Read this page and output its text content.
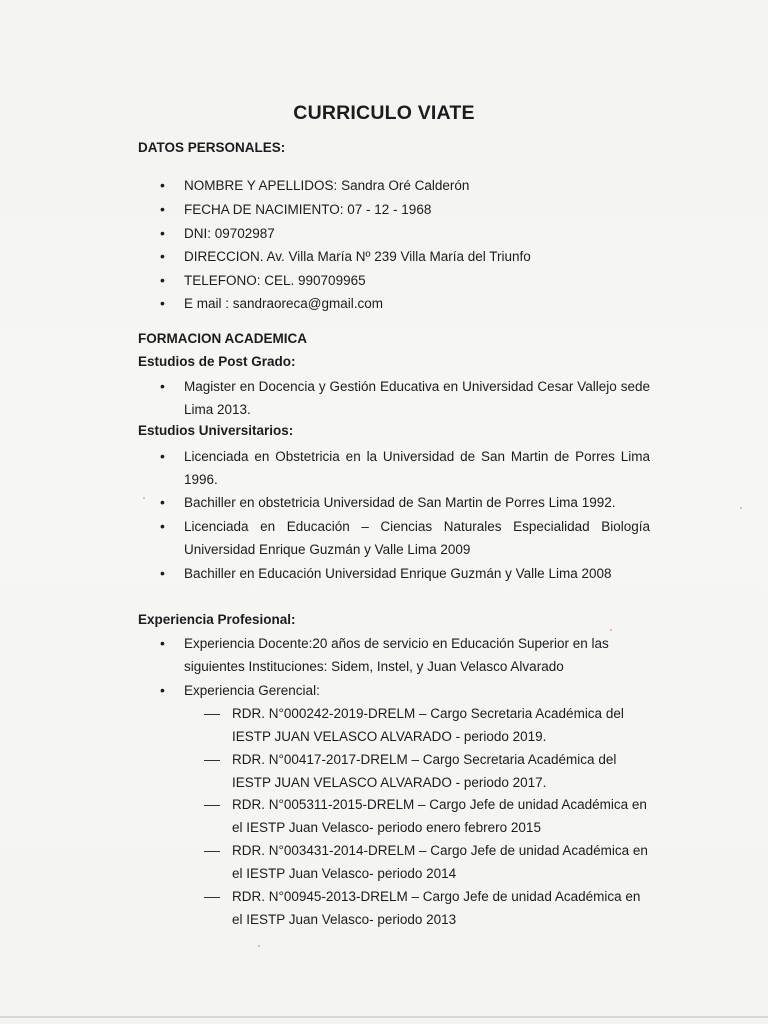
CURRICULO VIATE
DATOS PERSONALES:
• NOMBRE Y APELLIDOS: Sandra Oré Calderón
• FECHA DE NACIMIENTO: 07 - 12 - 1968
• DNI: 09702987
• DIRECCION. Av. Villa María Nº 239 Villa María del Triunfo
• TELEFONO: CEL. 990709965
• E mail : sandraoreca@gmail.com
FORMACION ACADEMICA
Estudios de Post Grado:
• Magister en Docencia y Gestión Educativa en Universidad Cesar Vallejo sede Lima 2013.
Estudios Universitarios:
• Licenciada en Obstetricia en la Universidad de San Martin de Porres Lima 1996.
• Bachiller en obstetricia Universidad de San Martin de Porres Lima 1992.
• Licenciada en Educación – Ciencias Naturales Especialidad Biología Universidad Enrique Guzmán y Valle Lima 2009
• Bachiller en Educación Universidad Enrique Guzmán y Valle Lima 2008
Experiencia Profesional:
• Experiencia Docente:20 años de servicio en Educación Superior en las siguientes Instituciones: Sidem, Instel, y Juan Velasco Alvarado
• Experiencia Gerencial:
RDR. N°000242-2019-DRELM – Cargo Secretaria Académica del IESTP JUAN VELASCO ALVARADO - periodo 2019.
RDR. N°00417-2017-DRELM – Cargo Secretaria Académica del IESTP JUAN VELASCO ALVARADO - periodo 2017.
RDR. N°005311-2015-DRELM – Cargo Jefe de unidad Académica en el IESTP Juan Velasco- periodo enero febrero 2015
RDR. N°003431-2014-DRELM – Cargo Jefe de unidad Académica en el IESTP Juan Velasco- periodo 2014
RDR. N°00945-2013-DRELM – Cargo Jefe de unidad Académica en el IESTP Juan Velasco- periodo 2013
